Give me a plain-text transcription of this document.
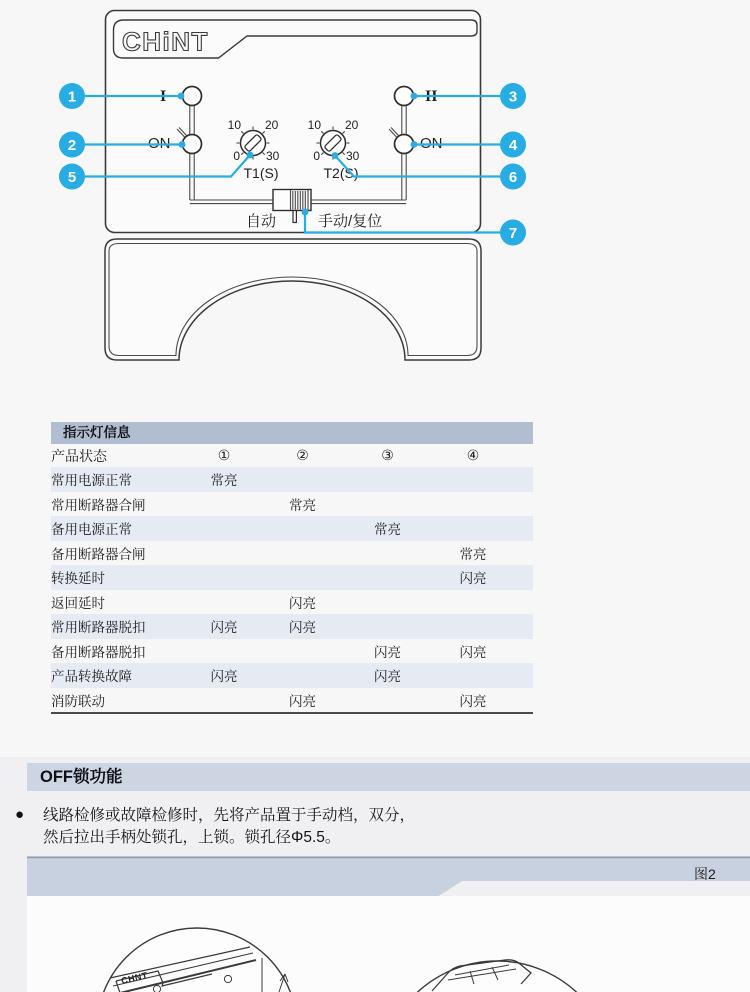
CHiNT
I
ON
II
ON
10 20
0 30
T1(S)
10 20
0 30
T2(S)
自动	手动/复位
1
2
5
3
4
6
7
指示灯信息
产品状态	①	②	③	④	
常用电源正常	常亮				
常用断路器合闸		常亮			
备用电源正常			常亮		
备用断路器合闸				常亮	
转换延时				闪亮	
返回延时		闪亮			
常用断路器脱扣	闪亮	闪亮			
备用断路器脱扣			闪亮	闪亮	
产品转换故障	闪亮		闪亮		
消防联动		闪亮		闪亮	
OFF锁功能
● 线路检修或故障检修时，先将产品置于手动档，双分，
然后拉出手柄处锁孔，上锁。锁孔径Φ5.5。
图2
CHNT
